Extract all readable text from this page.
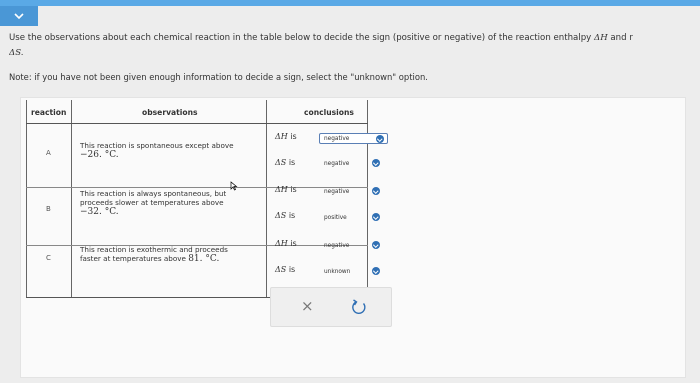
Use the observations about each chemical reaction in the table below to decide the sign (positive or negative) of the reaction enthalpy ΔH and r
ΔS.
Note: if you have not been given enough information to decide a sign, select the "unknown" option.
reaction	observations	conclusions
A
This reaction is spontaneous except above
−26. °C.
ΔH is	negative
ΔS is	negative
B
This reaction is always spontaneous, but
proceeds slower at temperatures above
−32. °C.
ΔH is	negative
ΔS is	positive
C
This reaction is exothermic and proceeds
faster at temperatures above 81. °C.
ΔH is	negative
ΔS is	unknown
×
